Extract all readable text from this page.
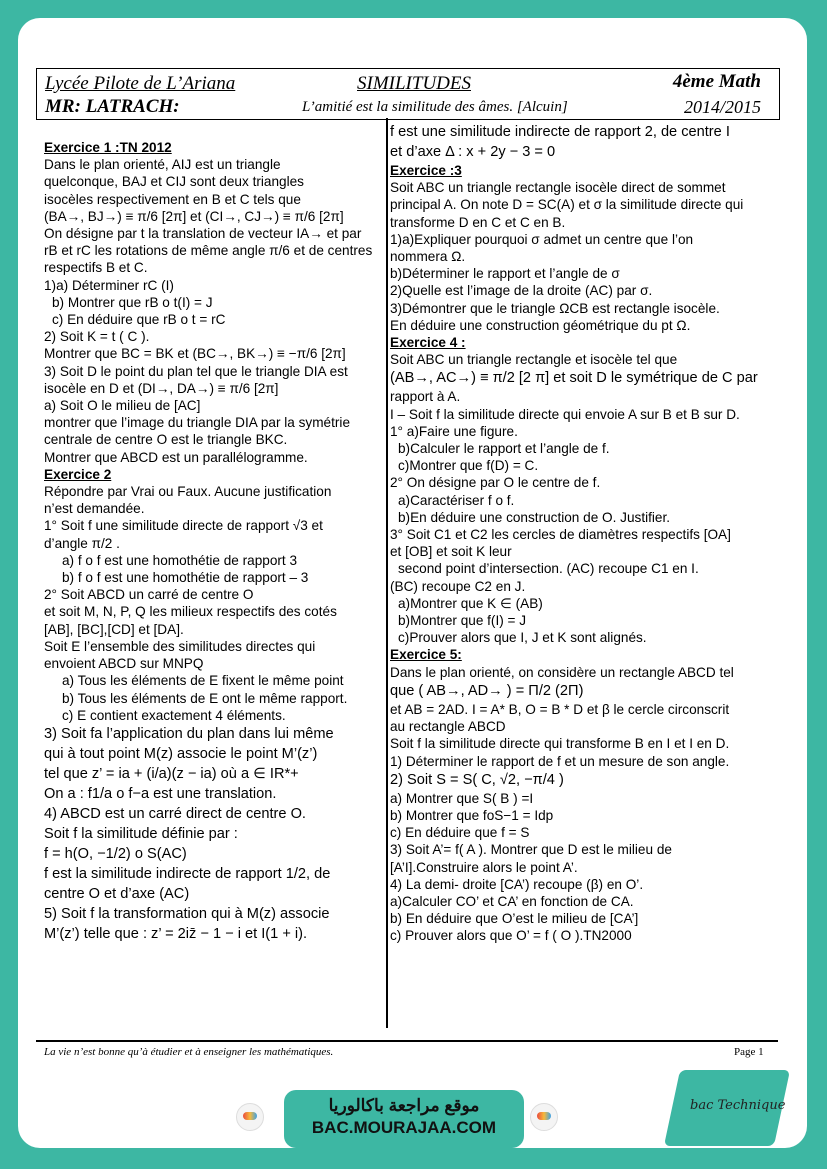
Lycée Pilote de L’Ariana	SIMILITUDES	4ème Math
MR: LATRACH:	L’amitié est la similitude des âmes. [Alcuin]	2014/2015
Exercice 1 :TN 2012
Dans le plan orienté, AIJ est un triangle
quelconque, BAJ et CIJ sont deux triangles
isocèles respectivement en B et C tels que
(BA→, BJ→) ≡ π/6 [2π] et (CI→, CJ→) ≡ π/6 [2π]
On désigne par t la translation de vecteur IA→ et par
rB et rC les rotations de même angle π/6 et de centres
respectifs B et C.
1)a) Déterminer rC (I)
b) Montrer que rB o t(I) = J
c) En déduire que rB o t = rC
2) Soit K = t ( C ).
Montrer que BC = BK et (BC→, BK→) ≡ −π/6 [2π]
3) Soit D le point du plan tel que le triangle DIA est
isocèle en D et (DI→, DA→) ≡ π/6 [2π]
a) Soit O le milieu de [AC]
montrer que l’image du triangle DIA par la symétrie
centrale de centre O est le triangle BKC.
Montrer que ABCD est un parallélogramme.
Exercice 2
Répondre par Vrai ou Faux. Aucune justification
n’est demandée.
1° Soit f une similitude directe de rapport √3 et
d’angle π/2 .
a) f o f est une homothétie de rapport 3
b) f o f est une homothétie de rapport – 3
2° Soit ABCD un carré de centre O
et soit M, N, P, Q les milieux respectifs des cotés
[AB], [BC],[CD] et [DA].
Soit E l’ensemble des similitudes directes qui
envoient ABCD sur MNPQ
a) Tous les éléments de E fixent le même point
b) Tous les éléments de E ont le même rapport.
c) E contient exactement 4 éléments.
3) Soit fa l’application du plan dans lui même
qui à tout point M(z) associe le point M’(z’)
tel que z’ = ia + (i/a)(z − ia) où a ∈ IR*+
On a : f1/a o f−a est une translation.
4) ABCD est un carré direct de centre O.
Soit f la similitude définie par :
f = h(O, −1/2) o S(AC)
f est la similitude indirecte de rapport 1/2, de
centre O et d’axe (AC)
5) Soit f la transformation qui à M(z) associe
M’(z’) telle que : z’ = 2iz̄ − 1 − i et I(1 + i).
f est une similitude indirecte de rapport 2, de centre I
et d’axe Δ : x + 2y − 3 = 0
Exercice :3
Soit ABC un triangle rectangle isocèle direct de sommet
principal A. On note D = SC(A) et σ la similitude directe qui
transforme D en C et C en B.
1)a)Expliquer pourquoi σ admet un centre que l’on
nommera Ω.
b)Déterminer le rapport et l’angle de σ
2)Quelle est l’image de la droite (AC) par σ.
3)Démontrer que le triangle ΩCB est rectangle isocèle.
En déduire une construction géométrique du pt Ω.
Exercice 4 :
Soit ABC un triangle rectangle et isocèle tel que
(AB→, AC→) ≡ π/2 [2 π] et soit D le symétrique de C par
rapport à A.
I – Soit f la similitude directe qui envoie A sur B et B sur D.
1° a)Faire une figure.
b)Calculer le rapport et l’angle de f.
c)Montrer que f(D) = C.
2° On désigne par O le centre de f.
a)Caractériser f o f.
b)En déduire une construction de O. Justifier.
3° Soit C1 et C2 les cercles de diamètres respectifs [OA]
et [OB] et soit K leur
second point d’intersection. (AC) recoupe C1 en I.
(BC) recoupe C2 en J.
a)Montrer que K ∈ (AB)
b)Montrer que f(I) = J
c)Prouver alors que I, J et K sont alignés.
Exercice 5:
Dans le plan orienté, on considère un rectangle ABCD tel
que ( AB→, AD→ ) = Π/2 (2Π)
et AB = 2AD. I = A* B, O = B * D et β le cercle circonscrit
au rectangle ABCD
Soit f la similitude directe qui transforme B en I et I en D.
1) Déterminer le rapport de f et un mesure de son angle.
2) Soit S = S( C, √2, −π/4 )
a) Montrer que S( B ) =I
b) Montrer que foS−1 = Idp
c) En déduire que f = S
3) Soit A’= f( A ). Montrer que D est le milieu de
[A’I].Construire alors le point A’.
4) La demi- droite [CA’) recoupe (β) en O’.
a)Calculer CO’ et CA’ en fonction de CA.
b) En déduire que O’est le milieu de [CA’]
c) Prouver alors que O’ = f ( O ).TN2000
La vie n’est bonne qu’à étudier et à enseigner les mathématiques.	Page 1
موقع مراجعة باكالوريا
BAC.MOURAJAA.COM
bac Technique
